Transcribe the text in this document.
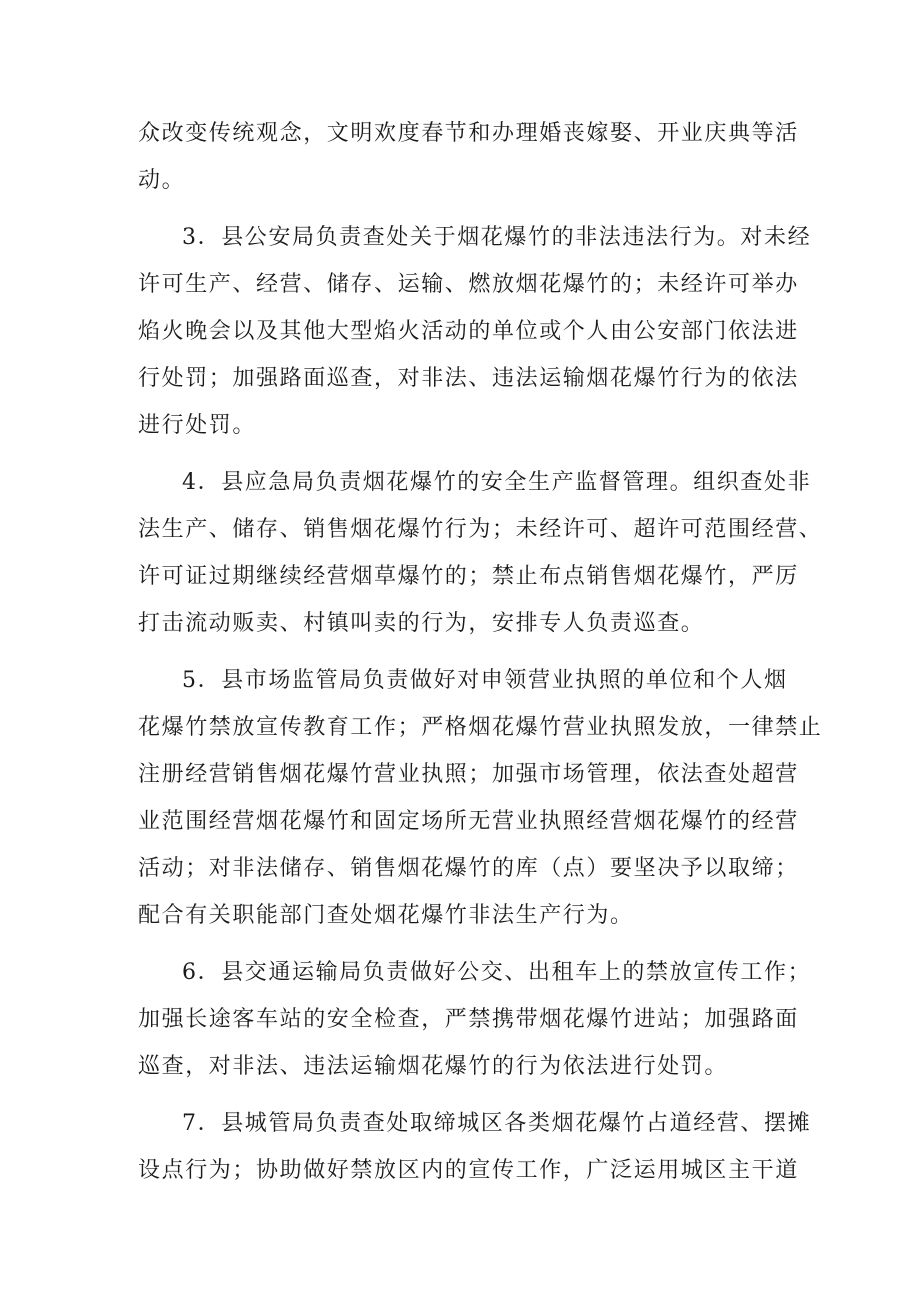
众改变传统观念，文明欢度春节和办理婚丧嫁娶、开业庆典等活
动。
3．县公安局负责查处关于烟花爆竹的非法违法行为。对未经
许可生产、经营、储存、运输、燃放烟花爆竹的；未经许可举办
焰火晚会以及其他大型焰火活动的单位或个人由公安部门依法进
行处罚；加强路面巡查，对非法、违法运输烟花爆竹行为的依法
进行处罚。
4．县应急局负责烟花爆竹的安全生产监督管理。组织查处非
法生产、储存、销售烟花爆竹行为；未经许可、超许可范围经营、
许可证过期继续经营烟草爆竹的；禁止布点销售烟花爆竹，严厉
打击流动贩卖、村镇叫卖的行为，安排专人负责巡查。
5．县市场监管局负责做好对申领营业执照的单位和个人烟
花爆竹禁放宣传教育工作；严格烟花爆竹营业执照发放，一律禁止
注册经营销售烟花爆竹营业执照；加强市场管理，依法查处超营
业范围经营烟花爆竹和固定场所无营业执照经营烟花爆竹的经营
活动；对非法储存、销售烟花爆竹的库（点）要坚决予以取缔；
配合有关职能部门查处烟花爆竹非法生产行为。
6．县交通运输局负责做好公交、出租车上的禁放宣传工作；
加强长途客车站的安全检查，严禁携带烟花爆竹进站；加强路面
巡查，对非法、违法运输烟花爆竹的行为依法进行处罚。
7．县城管局负责查处取缔城区各类烟花爆竹占道经营、摆摊
设点行为；协助做好禁放区内的宣传工作，广泛运用城区主干道
